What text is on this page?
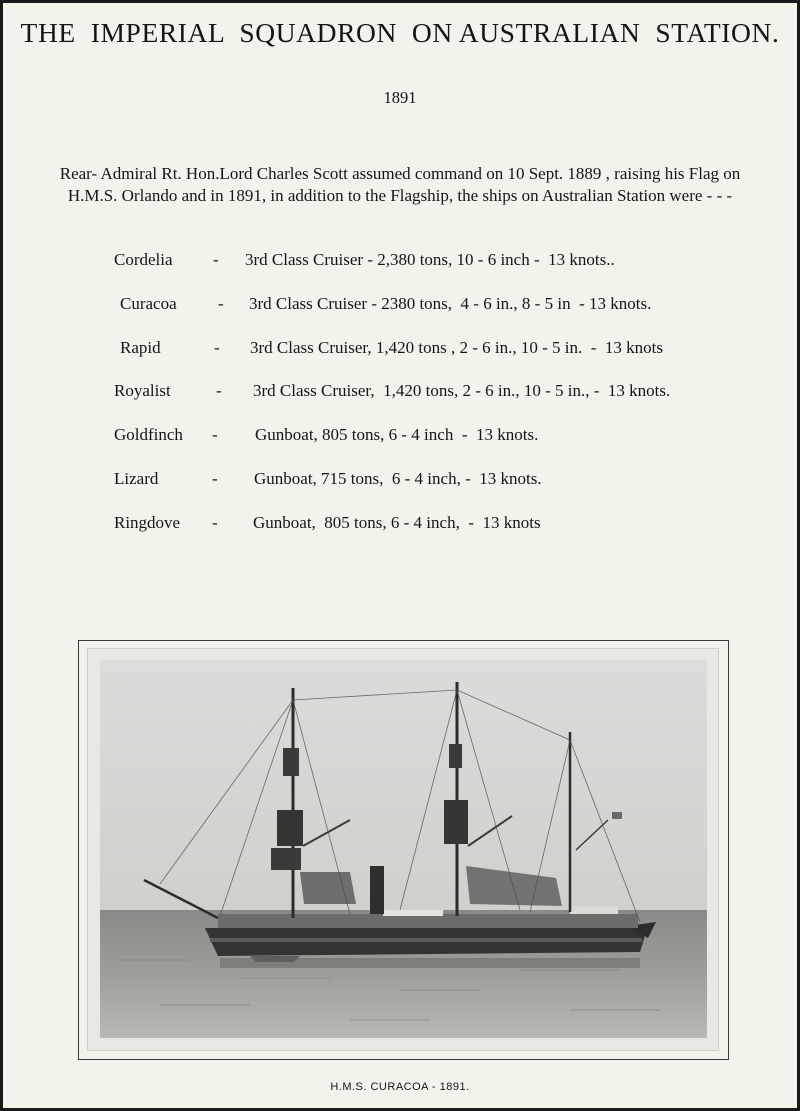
THE  IMPERIAL  SQUADRON  ON AUSTRALIAN  STATION.
1891
Rear- Admiral Rt. Hon.Lord Charles Scott assumed command on 10 Sept. 1889 , raising his Flag on
H.M.S. Orlando and in 1891, in addition to the Flagship, the ships on Australian Station were - - -
Cordelia - 3rd Class Cruiser - 2,380 tons, 10 - 6 inch -  13 knots..
Curacoa - 3rd Class Cruiser - 2380 tons,  4 - 6 in., 8 - 5 in  - 13 knots.
Rapid	- 3rd Class Cruiser, 1,420 tons , 2 - 6 in., 10 - 5 in.  -  13 knots
Royalist	- 3rd Class Cruiser,  1,420 tons, 2 - 6 in., 10 - 5 in., -  13 knots.
Goldfinch - Gunboat, 805 tons, 6 - 4 inch  -  13 knots.
Lizard	- Gunboat, 715 tons,  6 - 4 inch, -  13 knots.
Ringdove - Gunboat,  805 tons, 6 - 4 inch,  -  13 knots
H.M.S. CURACOA - 1891.
